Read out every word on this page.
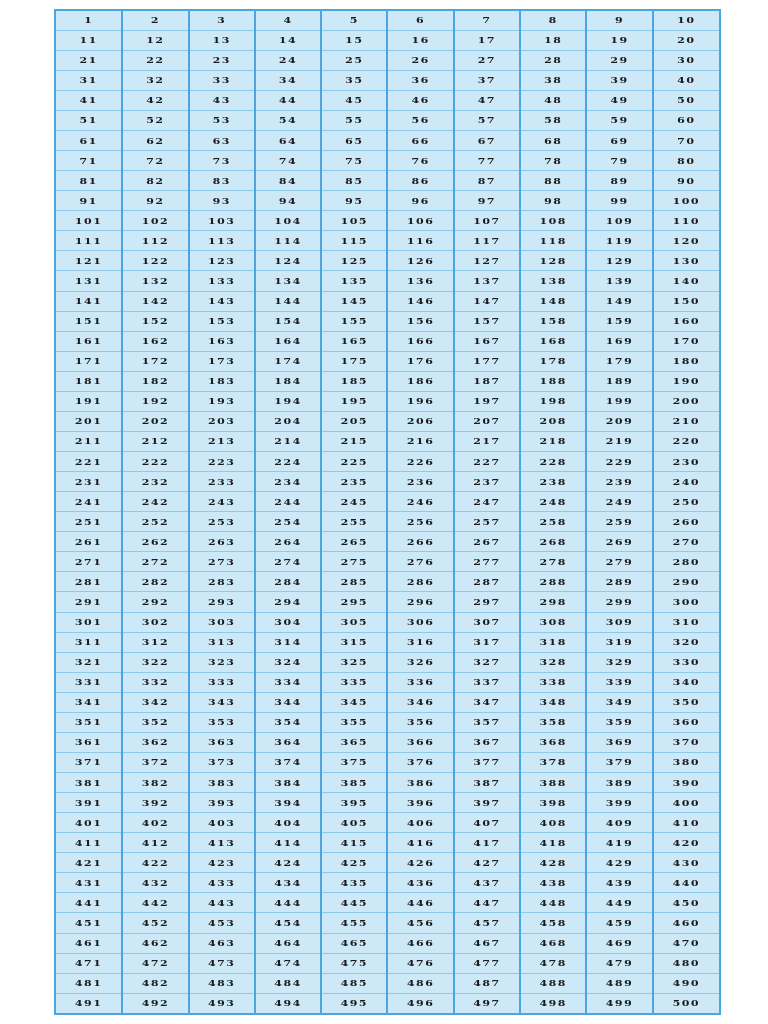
1	2	3	4	5	6	7	8	9	10
11	12	13	14	15	16	17	18	19	20
21	22	23	24	25	26	27	28	29	30
31	32	33	34	35	36	37	38	39	40
41	42	43	44	45	46	47	48	49	50
51	52	53	54	55	56	57	58	59	60
61	62	63	64	65	66	67	68	69	70
71	72	73	74	75	76	77	78	79	80
81	82	83	84	85	86	87	88	89	90
91	92	93	94	95	96	97	98	99	100
101	102	103	104	105	106	107	108	109	110
111	112	113	114	115	116	117	118	119	120
121	122	123	124	125	126	127	128	129	130
131	132	133	134	135	136	137	138	139	140
141	142	143	144	145	146	147	148	149	150
151	152	153	154	155	156	157	158	159	160
161	162	163	164	165	166	167	168	169	170
171	172	173	174	175	176	177	178	179	180
181	182	183	184	185	186	187	188	189	190
191	192	193	194	195	196	197	198	199	200
201	202	203	204	205	206	207	208	209	210
211	212	213	214	215	216	217	218	219	220
221	222	223	224	225	226	227	228	229	230
231	232	233	234	235	236	237	238	239	240
241	242	243	244	245	246	247	248	249	250
251	252	253	254	255	256	257	258	259	260
261	262	263	264	265	266	267	268	269	270
271	272	273	274	275	276	277	278	279	280
281	282	283	284	285	286	287	288	289	290
291	292	293	294	295	296	297	298	299	300
301	302	303	304	305	306	307	308	309	310
311	312	313	314	315	316	317	318	319	320
321	322	323	324	325	326	327	328	329	330
331	332	333	334	335	336	337	338	339	340
341	342	343	344	345	346	347	348	349	350
351	352	353	354	355	356	357	358	359	360
361	362	363	364	365	366	367	368	369	370
371	372	373	374	375	376	377	378	379	380
381	382	383	384	385	386	387	388	389	390
391	392	393	394	395	396	397	398	399	400
401	402	403	404	405	406	407	408	409	410
411	412	413	414	415	416	417	418	419	420
421	422	423	424	425	426	427	428	429	430
431	432	433	434	435	436	437	438	439	440
441	442	443	444	445	446	447	448	449	450
451	452	453	454	455	456	457	458	459	460
461	462	463	464	465	466	467	468	469	470
471	472	473	474	475	476	477	478	479	480
481	482	483	484	485	486	487	488	489	490
491	492	493	494	495	496	497	498	499	500
